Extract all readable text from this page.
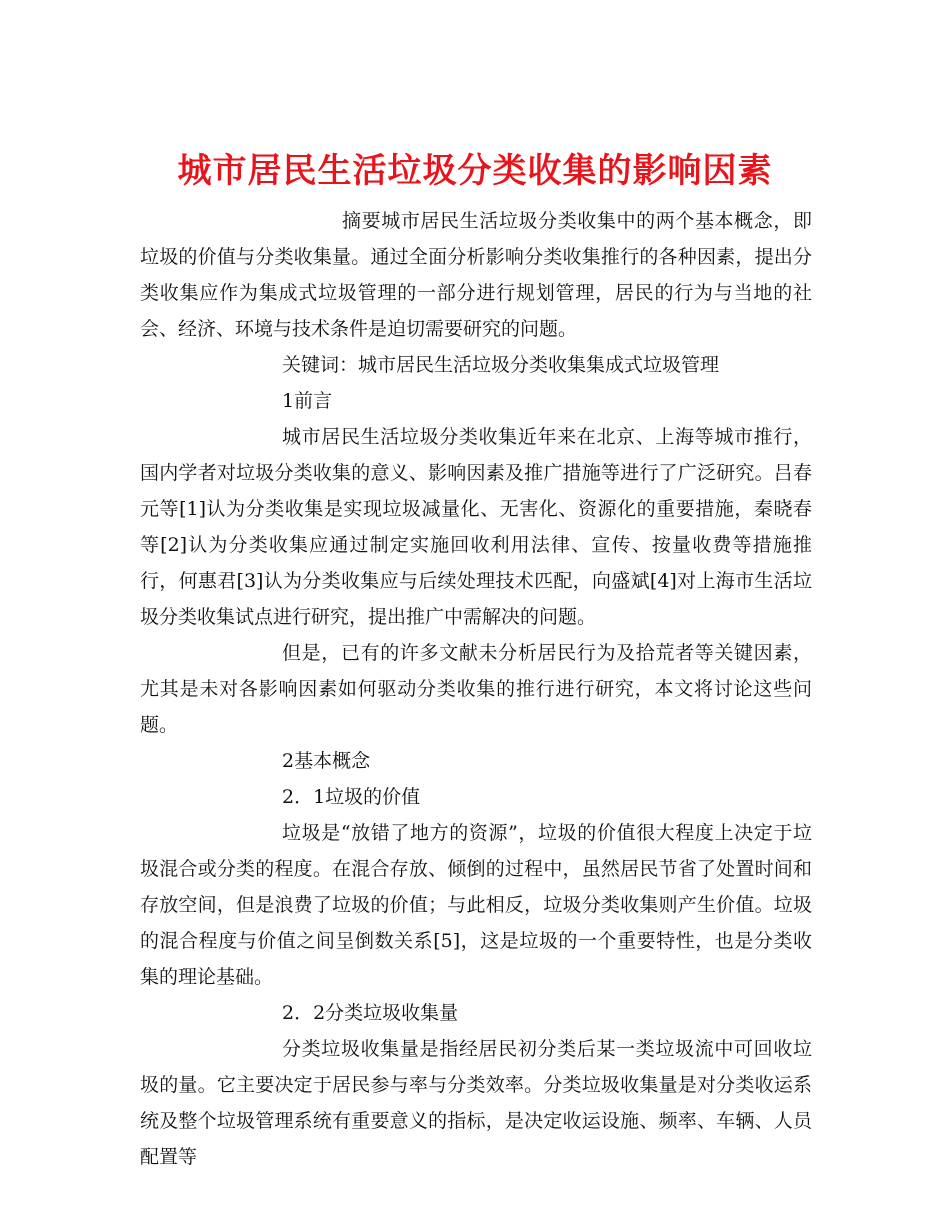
城市居民生活垃圾分类收集的影响因素

摘要城市居民生活垃圾分类收集中的两个基本概念，即垃圾的价值与分类收集量。通过全面分析影响分类收集推行的各种因素，提出分类收集应作为集成式垃圾管理的一部分进行规划管理，居民的行为与当地的社会、经济、环境与技术条件是迫切需要研究的问题。

关键词：城市居民生活垃圾分类收集集成式垃圾管理

1前言

城市居民生活垃圾分类收集近年来在北京、上海等城市推行，国内学者对垃圾分类收集的意义、影响因素及推广措施等进行了广泛研究。吕春元等[1]认为分类收集是实现垃圾减量化、无害化、资源化的重要措施，秦晓春等[2]认为分类收集应通过制定实施回收利用法律、宣传、按量收费等措施推行，何惠君[3]认为分类收集应与后续处理技术匹配，向盛斌[4]对上海市生活垃圾分类收集试点进行研究，提出推广中需解决的问题。

但是，已有的许多文献未分析居民行为及拾荒者等关键因素，尤其是未对各影响因素如何驱动分类收集的推行进行研究，本文将讨论这些问题。

2基本概念

2．1垃圾的价值

垃圾是“放错了地方的资源”，垃圾的价值很大程度上决定于垃圾混合或分类的程度。在混合存放、倾倒的过程中，虽然居民节省了处置时间和存放空间，但是浪费了垃圾的价值；与此相反，垃圾分类收集则产生价值。垃圾的混合程度与价值之间呈倒数关系[5]，这是垃圾的一个重要特性，也是分类收集的理论基础。

2．2分类垃圾收集量

分类垃圾收集量是指经居民初分类后某一类垃圾流中可回收垃圾的量。它主要决定于居民参与率与分类效率。分类垃圾收集量是对分类收运系统及整个垃圾管理系统有重要意义的指标，是决定收运设施、频率、车辆、人员配置等
